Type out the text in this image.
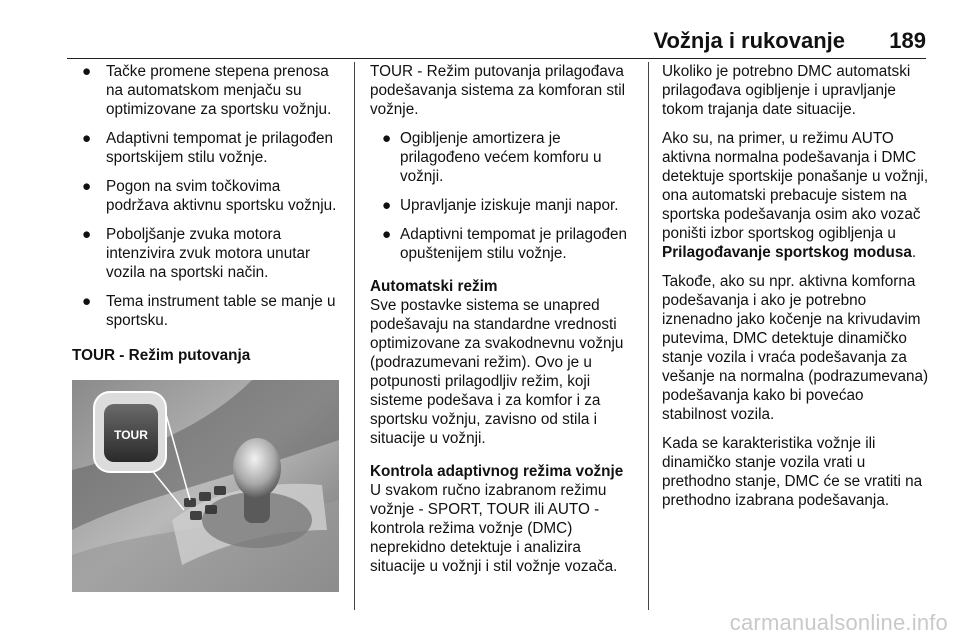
Vožnja i rukovanje 189
● Tačke promene stepena prenosa na automatskom menjaču su optimizovane za sportsku vožnju.
● Adaptivni tempomat je prilagođen sportskijem stilu vožnje.
● Pogon na svim točkovima podržava aktivnu sportsku vožnju.
● Poboljšanje zvuka motora intenzivira zvuk motora unutar vozila na sportski način.
● Tema instrument table se manje u sportsku.

TOUR - Režim putovanja

TOUR

TOUR - Režim putovanja prilagođava podešavanja sistema za komforan stil vožnje.

● Ogibljenje amortizera je prilagođeno većem komforu u vožnji.
● Upravljanje iziskuje manji napor.
● Adaptivni tempomat je prilagođen opuštenijem stilu vožnje.

Automatski režim

Sve postavke sistema se unapred podešavaju na standardne vrednosti optimizovane za svakodnevnu vožnju (podrazumevani režim). Ovo je u potpunosti prilagodljiv režim, koji sisteme podešava i za komfor i za sportsku vožnju, zavisno od stila i situacije u vožnji.

Kontrola adaptivnog režima vožnje

U svakom ručno izabranom režimu vožnje - SPORT, TOUR ili AUTO - kontrola režima vožnje (DMC) neprekidno detektuje i analizira situacije u vožnji i stil vožnje vozača.

Ukoliko je potrebno DMC automatski prilagođava ogibljenje i upravljanje tokom trajanja date situacije.

Ako su, na primer, u režimu AUTO aktivna normalna podešavanja i DMC detektuje sportskije ponašanje u vožnji, ona automatski prebacuje sistem na sportska podešavanja osim ako vozač poništi izbor sportskog ogibljenja u Prilagođavanje sportskog modusa.

Takođe, ako su npr. aktivna komforna podešavanja i ako je potrebno iznenadno jako kočenje na krivudavim putevima, DMC detektuje dinamičko stanje vozila i vraća podešavanja za vešanje na normalna (podrazumevana) podešavanja kako bi povećao stabilnost vozila.

Kada se karakteristika vožnje ili dinamičko stanje vozila vrati u prethodno stanje, DMC će se vratiti na prethodno izabrana podešavanja.

carmanualsonline.info
